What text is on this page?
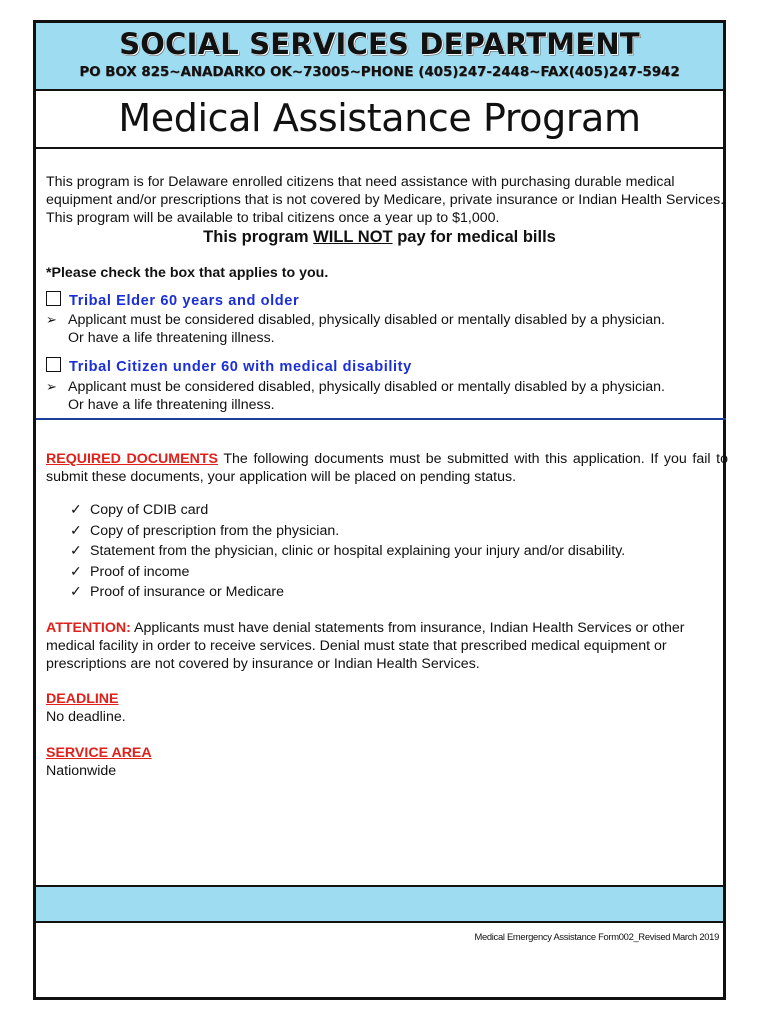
SOCIAL SERVICES DEPARTMENT
PO BOX 825~ANADARKO OK~73005~PHONE (405)247-2448~FAX(405)247-5942
Medical Assistance Program
This program is for Delaware enrolled citizens that need assistance with purchasing durable medical equipment and/or prescriptions that is not covered by Medicare, private insurance or Indian Health Services. This program will be available to tribal citizens once a year up to $1,000.
This program WILL NOT pay for medical bills
*Please check the box that applies to you.
Tribal Elder 60 years and older
➢ Applicant must be considered disabled, physically disabled or mentally disabled by a physician.
Or have a life threatening illness.
Tribal Citizen under 60 with medical disability
➢ Applicant must be considered disabled, physically disabled or mentally disabled by a physician.
Or have a life threatening illness.
REQUIRED DOCUMENTS The following documents must be submitted with this application. If you fail to submit these documents, your application will be placed on pending status.
✓ Copy of CDIB card
✓ Copy of prescription from the physician.
✓ Statement from the physician, clinic or hospital explaining your injury and/or disability.
✓ Proof of income
✓ Proof of insurance or Medicare
ATTENTION: Applicants must have denial statements from insurance, Indian Health Services or other medical facility in order to receive services. Denial must state that prescribed medical equipment or prescriptions are not covered by insurance or Indian Health Services.
DEADLINE
No deadline.
SERVICE AREA
Nationwide
Medical Emergency Assistance Form002_Revised March 2019
